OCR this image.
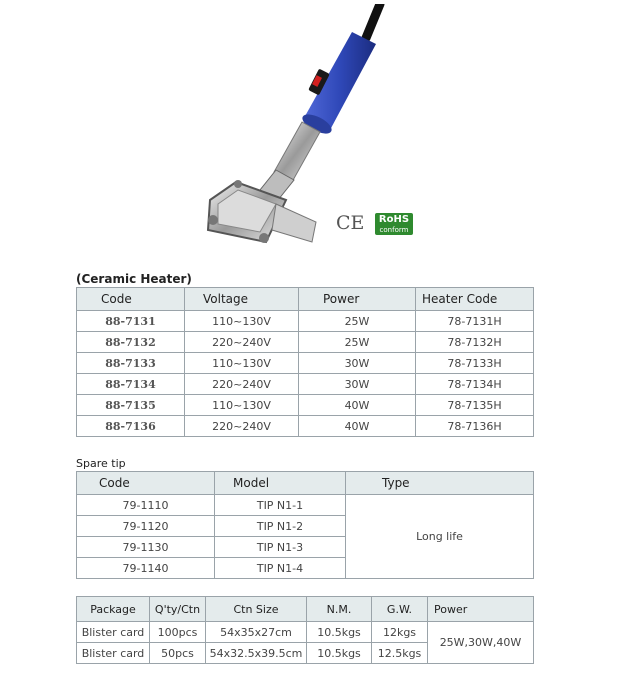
CE	RoHS
conform
(Ceramic Heater)
Code	Voltage	Power	Heater Code
88-7131	110~130V	25W	78-7131H
88-7132	220~240V	25W	78-7132H
88-7133	110~130V	30W	78-7133H
88-7134	220~240V	30W	78-7134H
88-7135	110~130V	40W	78-7135H
88-7136	220~240V	40W	78-7136H
Spare tip
Code	Model	Type
79-1110	TIP N1-1	Long life
79-1120	TIP N1-2	
79-1130	TIP N1-3	
79-1140	TIP N1-4	
Package	Q'ty/Ctn	Ctn Size	N.M.	G.W.	Power
Blister card	100pcs	54x35x27cm	10.5kgs	12kgs	25W,30W,40W
Blister card	50pcs	54x32.5x39.5cm	10.5kgs	12.5kgs	
